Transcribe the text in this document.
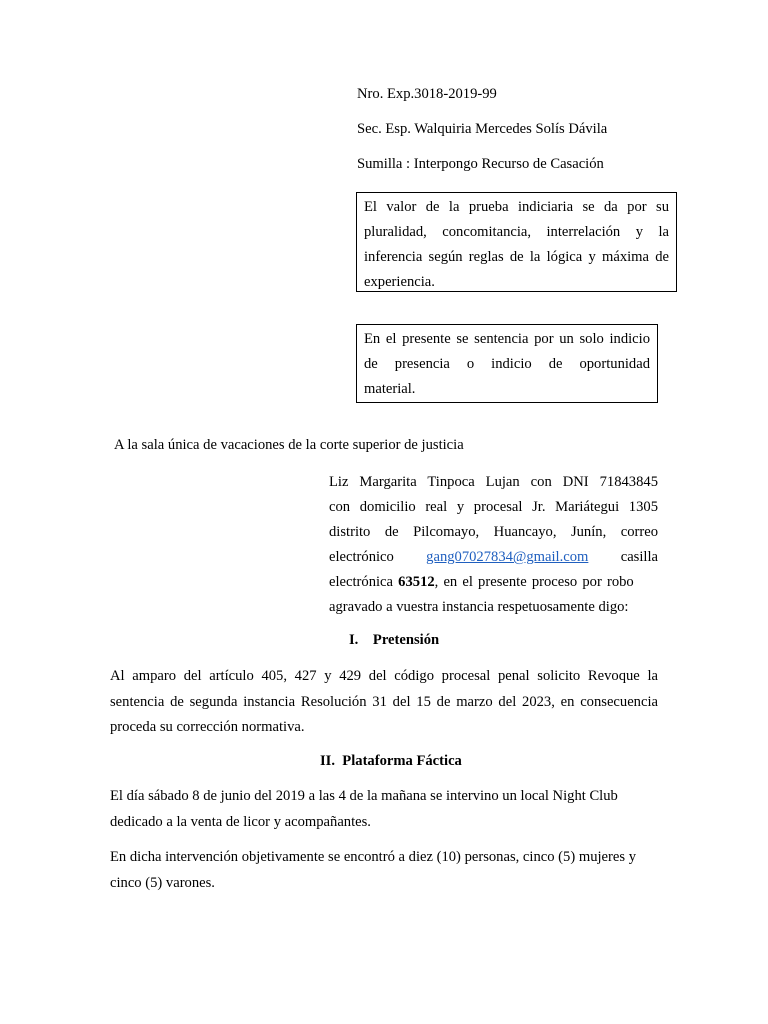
Nro. Exp.3018-2019-99
Sec. Esp. Walquiria Mercedes Solís Dávila
Sumilla : Interpongo Recurso de Casación
El valor de la prueba indiciaria se da por su
pluralidad, concomitancia, interrelación y la
inferencia según reglas de la lógica y máxima de
experiencia.
En el presente se sentencia por un solo indicio
de presencia o indicio de oportunidad
material.
A la sala única de vacaciones de la corte superior de justicia
Liz Margarita Tinpoca Lujan con DNI 71843845
con domicilio real y procesal Jr. Mariátegui 1305
distrito de Pilcomayo, Huancayo, Junín, correo
electrónico gang07027834@gmail.com casilla
electrónica 63512, en el presente proceso por robo
agravado a vuestra instancia respetuosamente digo:
I.    Pretensión
Al amparo del artículo 405, 427 y 429 del código procesal penal solicito Revoque la sentencia de segunda instancia Resolución 31 del 15 de marzo del 2023, en consecuencia proceda su corrección normativa.
II.  Plataforma Fáctica
El día sábado 8 de junio del 2019 a las 4 de la mañana se intervino un local Night Club dedicado a la venta de licor y acompañantes.
En dicha intervención objetivamente se encontró a diez (10) personas, cinco (5) mujeres y cinco (5) varones.
